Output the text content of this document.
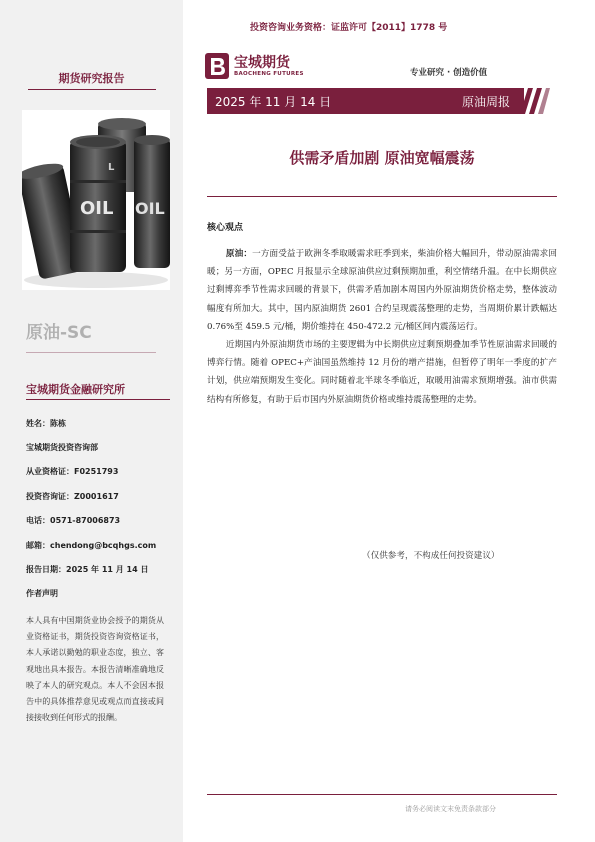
期货研究报告
OIL OIL
L
原油-SC
宝城期货金融研究所
姓名：陈栋
宝城期货投资咨询部
从业资格证：F0251793
投资咨询证：Z0001617
电话：0571-87006873
邮箱：chendong@bcqhgs.com
报告日期：2025 年 11 月 14 日
作者声明
本人具有中国期货业协会授予的期货从业资格证书，期货投资咨询资格证书，本人承诺以勤勉的职业态度，独立、客观地出具本报告。本报告清晰准确地反映了本人的研究观点。本人不会因本报告中的具体推荐意见或观点而直接或间接接收到任何形式的报酬。
投资咨询业务资格：证监许可【2011】1778 号
宝城期货
BAOCHENG FUTURES	专业研究 · 创造价值
2025 年 11 月 14 日	原油周报
供需矛盾加剧 原油宽幅震荡
核心观点

原油：一方面受益于欧洲冬季取暖需求旺季到来，柴油价格大幅回升，带动原油需求回暖；另一方面，OPEC 月报显示全球原油供应过剩预期加重，利空情绪升温。在中长期供应过剩博弈季节性需求回暖的背景下，供需矛盾加剧本周国内外原油期货价格走势，整体波动幅度有所加大。其中，国内原油期货 2601 合约呈现震荡整理的走势，当周期价累计跌幅达 0.76%至 459.5 元/桶，期价维持在 450-472.2 元/桶区间内震荡运行。

近期国内外原油期货市场的主要逻辑为中长期供应过剩预期叠加季节性原油需求回暖的博弈行情。随着 OPEC+产油国虽然维持 12 月份的增产措施，但暂停了明年一季度的扩产计划，供应端预期发生变化。同时随着北半球冬季临近，取暖用油需求预期增强。油市供需结构有所修复，有助于后市国内外原油期货价格或维持震荡整理的走势。

（仅供参考，不构成任何投资建议）
请务必阅读文末免责条款部分
